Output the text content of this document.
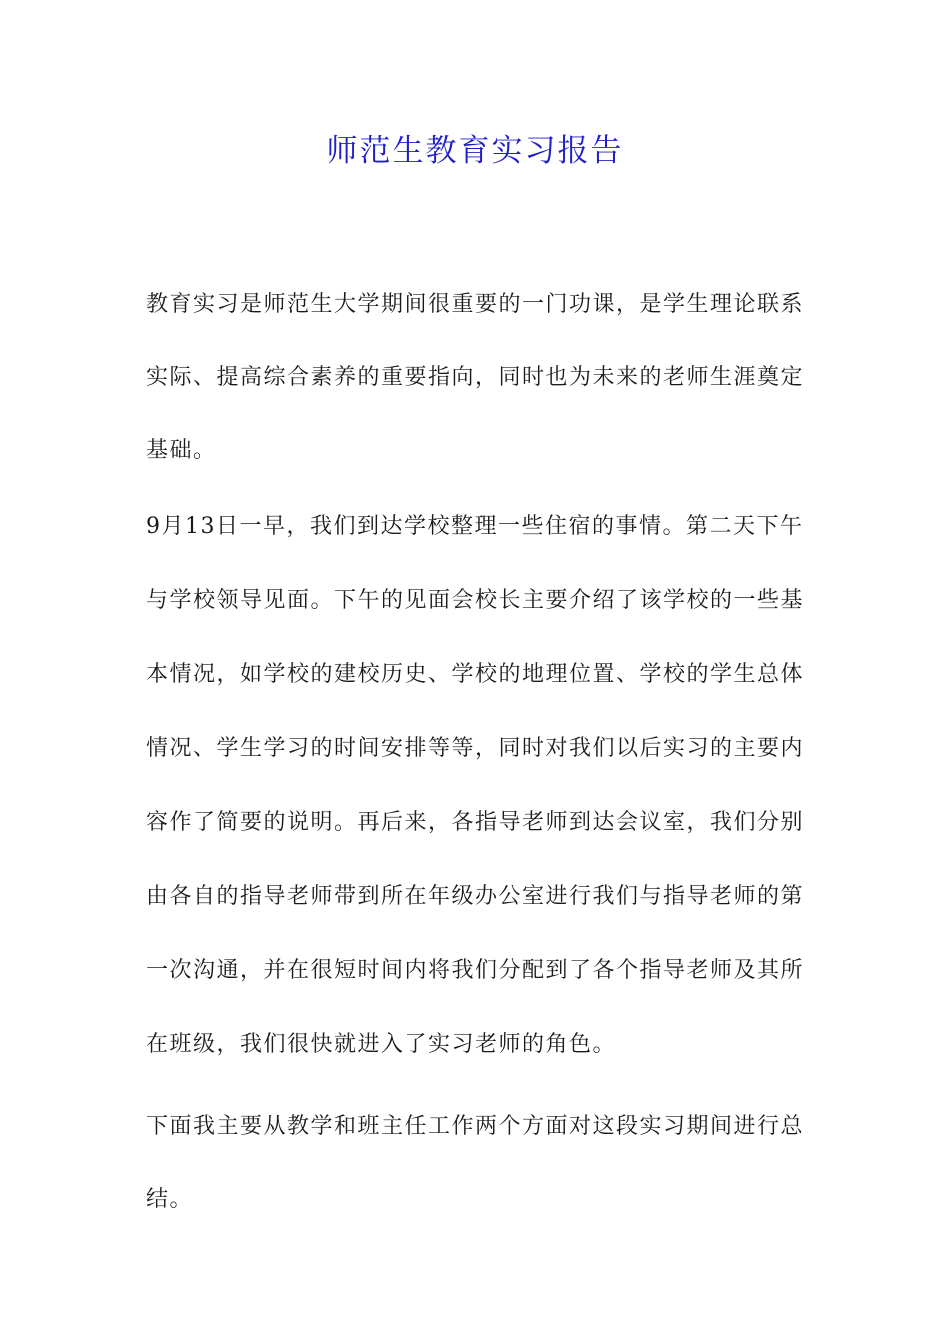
师范生教育实习报告

教育实习是师范生大学期间很重要的一门功课，是学生理论联系实际、提高综合素养的重要指向，同时也为未来的老师生涯奠定基础。

9月13日一早，我们到达学校整理一些住宿的事情。第二天下午与学校领导见面。下午的见面会校长主要介绍了该学校的一些基本情况，如学校的建校历史、学校的地理位置、学校的学生总体情况、学生学习的时间安排等等，同时对我们以后实习的主要内容作了简要的说明。再后来，各指导老师到达会议室，我们分别由各自的指导老师带到所在年级办公室进行我们与指导老师的第一次沟通，并在很短时间内将我们分配到了各个指导老师及其所在班级，我们很快就进入了实习老师的角色。

下面我主要从教学和班主任工作两个方面对这段实习期间进行总结。
